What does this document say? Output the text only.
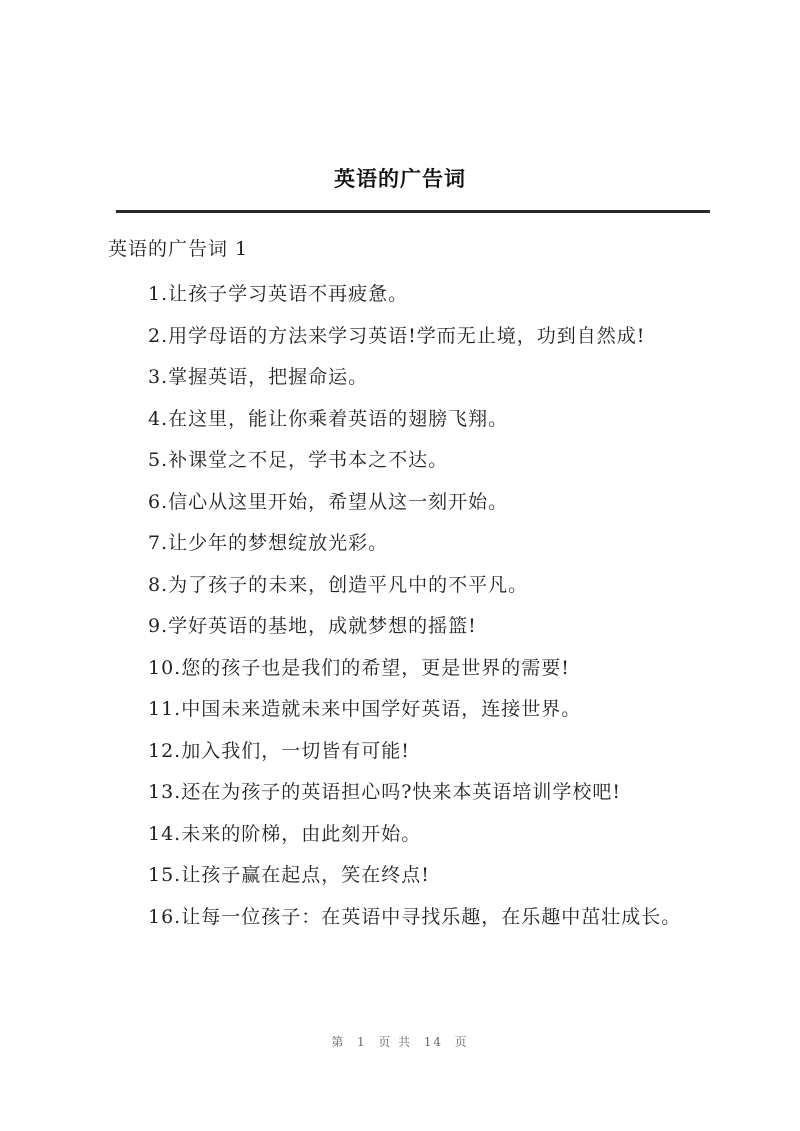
英语的广告词
英语的广告词 1
1.让孩子学习英语不再疲惫。
2.用学母语的方法来学习英语!学而无止境，功到自然成!
3.掌握英语，把握命运。
4.在这里，能让你乘着英语的翅膀飞翔。
5.补课堂之不足，学书本之不达。
6.信心从这里开始，希望从这一刻开始。
7.让少年的梦想绽放光彩。
8.为了孩子的未来，创造平凡中的不平凡。
9.学好英语的基地，成就梦想的摇篮!
10.您的孩子也是我们的希望，更是世界的需要!
11.中国未来造就未来中国学好英语，连接世界。
12.加入我们，一切皆有可能!
13.还在为孩子的英语担心吗?快来本英语培训学校吧!
14.未来的阶梯，由此刻开始。
15.让孩子赢在起点，笑在终点!
16.让每一位孩子：在英语中寻找乐趣，在乐趣中茁壮成长。
第  1  页 共  14  页
